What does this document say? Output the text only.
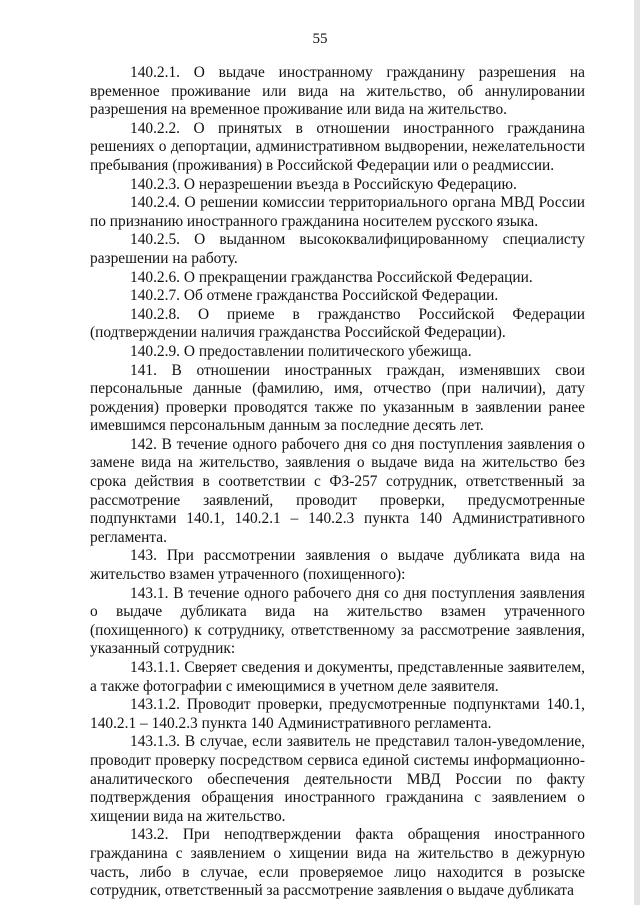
55

140.2.1. О выдаче иностранному гражданину разрешения на временное проживание или вида на жительство, об аннулировании разрешения на временное проживание или вида на жительство.

140.2.2. О принятых в отношении иностранного гражданина решениях о депортации, административном выдворении, нежелательности пребывания (проживания) в Российской Федерации или о реадмиссии.

140.2.3. О неразрешении въезда в Российскую Федерацию.

140.2.4. О решении комиссии территориального органа МВД России по признанию иностранного гражданина носителем русского языка.

140.2.5. О выданном высококвалифицированному специалисту разрешении на работу.

140.2.6. О прекращении гражданства Российской Федерации.

140.2.7. Об отмене гражданства Российской Федерации.

140.2.8. О приеме в гражданство Российской Федерации (подтверждении наличия гражданства Российской Федерации).

140.2.9. О предоставлении политического убежища.

141. В отношении иностранных граждан, изменявших свои персональные данные (фамилию, имя, отчество (при наличии), дату рождения) проверки проводятся также по указанным в заявлении ранее имевшимся персональным данным за последние десять лет.

142. В течение одного рабочего дня со дня поступления заявления о замене вида на жительство, заявления о выдаче вида на жительство без срока действия в соответствии с ФЗ-257 сотрудник, ответственный за рассмотрение заявлений, проводит проверки, предусмотренные подпунктами 140.1, 140.2.1 – 140.2.3 пункта 140 Административного регламента.

143. При рассмотрении заявления о выдаче дубликата вида на жительство взамен утраченного (похищенного):

143.1. В течение одного рабочего дня со дня поступления заявления о выдаче дубликата вида на жительство взамен утраченного (похищенного) к сотруднику, ответственному за рассмотрение заявления, указанный сотрудник:

143.1.1. Сверяет сведения и документы, представленные заявителем, а также фотографии с имеющимися в учетном деле заявителя.

143.1.2. Проводит проверки, предусмотренные подпунктами 140.1, 140.2.1 – 140.2.3 пункта 140 Административного регламента.

143.1.3. В случае, если заявитель не представил талон-уведомление, проводит проверку посредством сервиса единой системы информационно-аналитического обеспечения деятельности МВД России по факту подтверждения обращения иностранного гражданина с заявлением о хищении вида на жительство.

143.2. При неподтверждении факта обращения иностранного гражданина с заявлением о хищении вида на жительство в дежурную часть, либо в случае, если проверяемое лицо находится в розыске сотрудник, ответственный за рассмотрение заявления о выдаче дубликата
